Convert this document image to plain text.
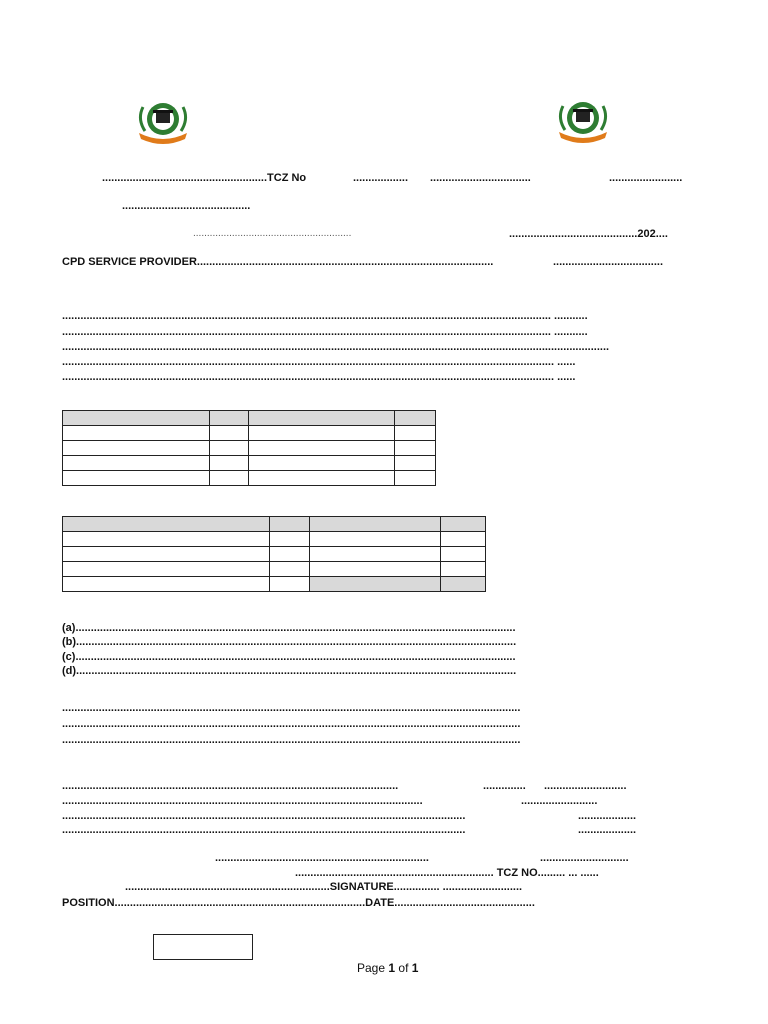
......................................................TCZ No	.................. .................................	........................
..........................................
.........................................................	..........................................202....
CPD SERVICE PROVIDER.................................................................................................	....................................
................................................................................................................................................................ ...........
................................................................................................................................................................ ...........
...................................................................................................................................................................................
................................................................................................................................................................. ......
................................................................................................................................................................. ......

(a)................................................................................................................................................
(b)................................................................................................................................................
(c)................................................................................................................................................
(d)................................................................................................................................................
......................................................................................................................................................
......................................................................................................................................................
......................................................................................................................................................
..............................................................................................................	.............. ...........................
......................................................................................................................	.........................
....................................................................................................................................	...................
....................................................................................................................................	...................
......................................................................	.............................
................................................................. TCZ NO......... ... ......
...................................................................SIGNATURE............... ..........................
POSITION..................................................................................DATE..............................................
Page 1 of 1
